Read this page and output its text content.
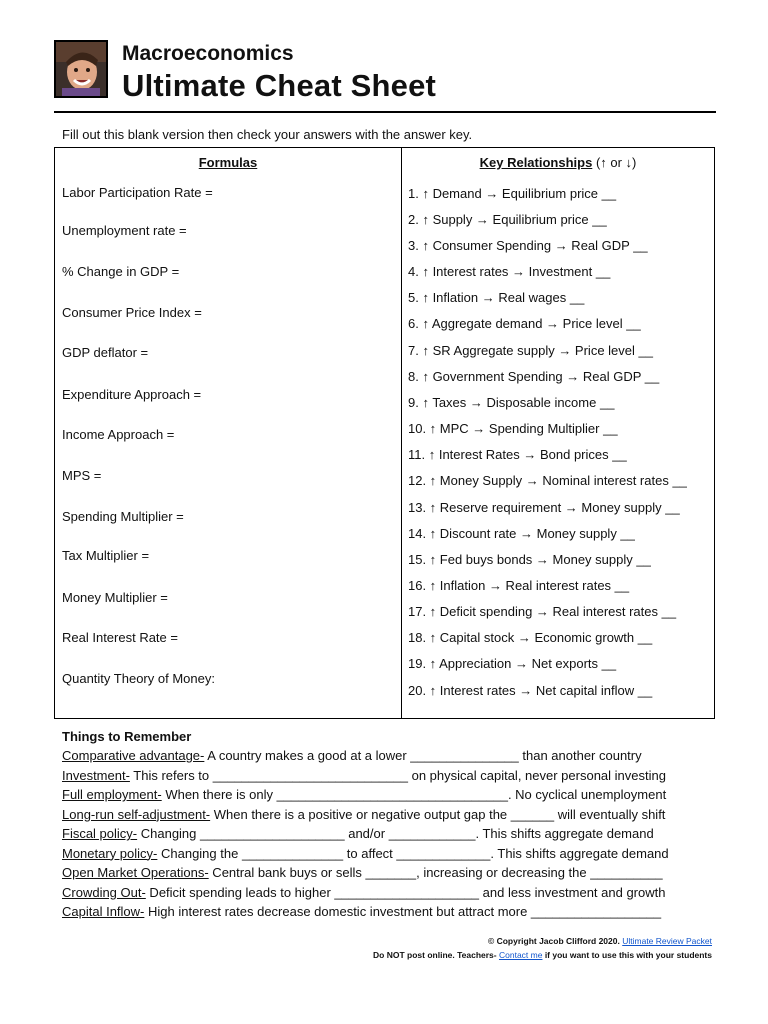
Macroeconomics
Ultimate Cheat Sheet
Fill out this blank version then check your answers with the answer key.
Formulas
Labor Participation Rate =
Unemployment rate =
% Change in GDP =
Consumer Price Index =
GDP deflator =
Expenditure Approach =
Income Approach =
MPS =
Spending Multiplier =
Tax Multiplier =
Money Multiplier =
Real Interest Rate =
Quantity Theory of Money:
Key Relationships (↑ or ↓)
1. ↑ Demand → Equilibrium price __
2. ↑ Supply → Equilibrium price __
3. ↑ Consumer Spending → Real GDP __
4. ↑ Interest rates → Investment __
5. ↑ Inflation → Real wages __
6. ↑ Aggregate demand → Price level __
7. ↑ SR Aggregate supply → Price level __
8. ↑ Government Spending → Real GDP __
9. ↑ Taxes → Disposable income __
10. ↑ MPC → Spending Multiplier __
11. ↑ Interest Rates → Bond prices __
12. ↑ Money Supply → Nominal interest rates __
13. ↑ Reserve requirement → Money supply __
14. ↑ Discount rate → Money supply __
15. ↑ Fed buys bonds → Money supply __
16. ↑ Inflation → Real interest rates __
17. ↑ Deficit spending → Real interest rates __
18. ↑ Capital stock → Economic growth __
19. ↑ Appreciation → Net exports __
20. ↑ Interest rates → Net capital inflow __
Things to Remember
Comparative advantage- A country makes a good at a lower _______________ than another country
Investment- This refers to ___________________________ on physical capital, never personal investing
Full employment- When there is only ________________________________. No cyclical unemployment
Long-run self-adjustment- When there is a positive or negative output gap the ______ will eventually shift
Fiscal policy- Changing ____________________ and/or ____________. This shifts aggregate demand
Monetary policy- Changing the ______________ to affect _____________. This shifts aggregate demand
Open Market Operations- Central bank buys or sells _______, increasing or decreasing the __________
Crowding Out- Deficit spending leads to higher ____________________ and less investment and growth
Capital Inflow- High interest rates decrease domestic investment but attract more __________________
© Copyright Jacob Clifford 2020. Ultimate Review Packet
Do NOT post online. Teachers- Contact me if you want to use this with your students
